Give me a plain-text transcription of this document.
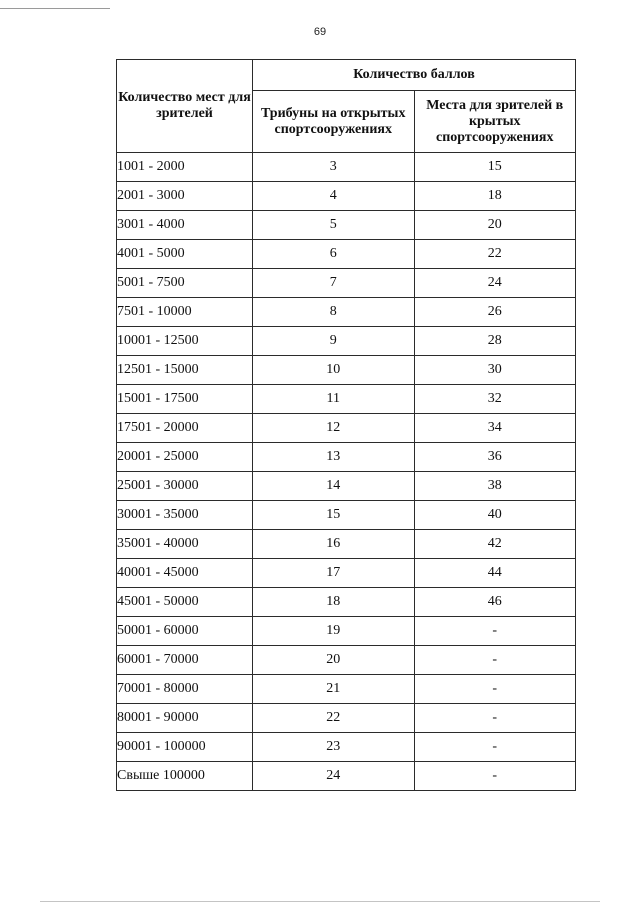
69
Количество мест для зрителей	Количество баллов	
	Трибуны на открытых спортсооружениях	Места для зрителей в крытых спортсооружениях
1001 - 2000	3	15
2001 - 3000	4	18
3001 - 4000	5	20
4001 - 5000	6	22
5001 - 7500	7	24
7501 - 10000	8	26
10001 - 12500	9	28
12501 - 15000	10	30
15001 - 17500	11	32
17501 - 20000	12	34
20001 - 25000	13	36
25001 - 30000	14	38
30001 - 35000	15	40
35001 - 40000	16	42
40001 - 45000	17	44
45001 - 50000	18	46
50001 - 60000	19	-
60001 - 70000	20	-
70001 - 80000	21	-
80001 - 90000	22	-
90001 - 100000	23	-
Свыше 100000	24	-
